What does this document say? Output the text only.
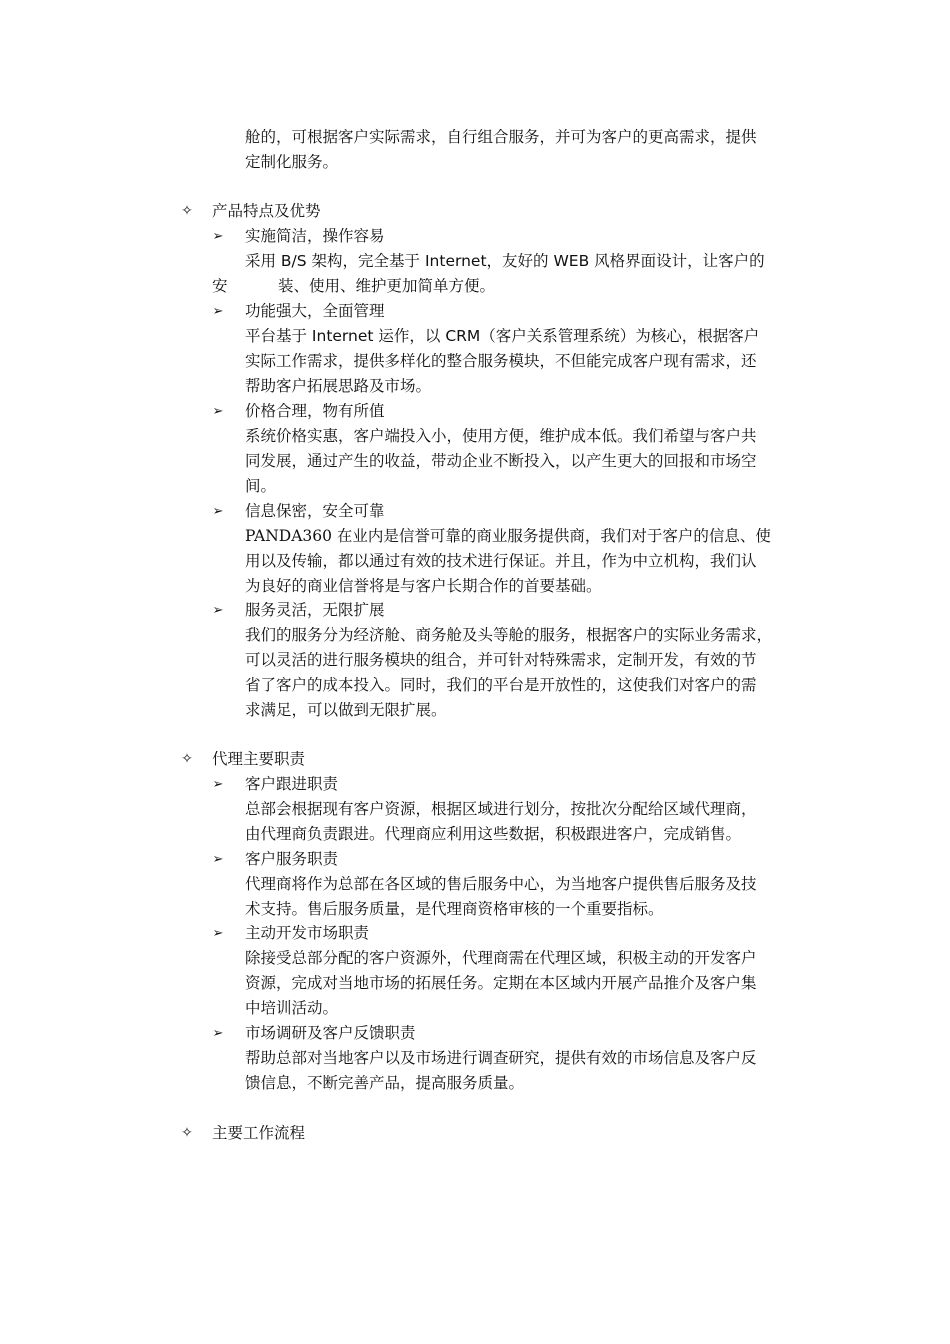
舱的，可根据客户实际需求，自行组合服务，并可为客户的更高需求，提供
定制化服务。
✧ 产品特点及优势
➢ 实施简洁，操作容易
采用 B/S 架构，完全基于 Internet，友好的 WEB 风格界面设计，让客户的
安	装、使用、维护更加简单方便。
➢ 功能强大，全面管理
平台基于 Internet 运作，以 CRM（客户关系管理系统）为核心，根据客户
实际工作需求，提供多样化的整合服务模块，不但能完成客户现有需求，还
帮助客户拓展思路及市场。
➢ 价格合理，物有所值
系统价格实惠，客户端投入小，使用方便，维护成本低。我们希望与客户共
同发展，通过产生的收益，带动企业不断投入，以产生更大的回报和市场空
间。
➢ 信息保密，安全可靠
PANDA360 在业内是信誉可靠的商业服务提供商，我们对于客户的信息、使
用以及传输，都以通过有效的技术进行保证。并且，作为中立机构，我们认
为良好的商业信誉将是与客户长期合作的首要基础。
➢ 服务灵活，无限扩展
我们的服务分为经济舱、商务舱及头等舱的服务，根据客户的实际业务需求，
可以灵活的进行服务模块的组合，并可针对特殊需求，定制开发，有效的节
省了客户的成本投入。同时，我们的平台是开放性的，这使我们对客户的需
求满足，可以做到无限扩展。
✧ 代理主要职责
➢ 客户跟进职责
总部会根据现有客户资源，根据区域进行划分，按批次分配给区域代理商，
由代理商负责跟进。代理商应利用这些数据，积极跟进客户，完成销售。
➢ 客户服务职责
代理商将作为总部在各区域的售后服务中心，为当地客户提供售后服务及技
术支持。售后服务质量，是代理商资格审核的一个重要指标。
➢ 主动开发市场职责
除接受总部分配的客户资源外，代理商需在代理区域，积极主动的开发客户
资源，完成对当地市场的拓展任务。定期在本区域内开展产品推介及客户集
中培训活动。
➢ 市场调研及客户反馈职责
帮助总部对当地客户以及市场进行调查研究，提供有效的市场信息及客户反
馈信息，不断完善产品，提高服务质量。
✧ 主要工作流程
